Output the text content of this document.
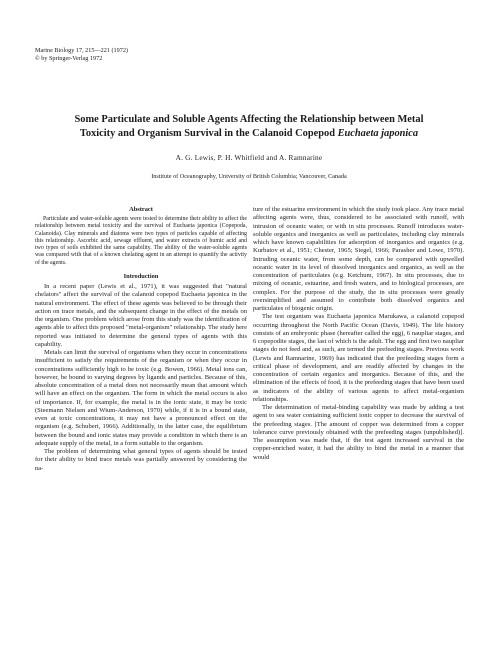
Marine Biology 17, 215—221 (1972)
© by Springer-Verlag 1972
Some Particulate and Soluble Agents Affecting the Relationship between Metal
Toxicity and Organism Survival in the Calanoid Copepod Euchaeta japonica
A. G. Lewis, P. H. Whitfield and A. Ramnarine
Institute of Oceanography, University of British Columbia; Vancouver, Canada
Abstract

Particulate and water-soluble agents were tested to determine their ability to affect the relationship between metal toxicity and the survival of Euchaeta japonica (Copepoda, Calanoida). Clay minerals and diatoms were two types of particles capable of affecting this relationship. Ascorbic acid, sewage effluent, and water extracts of humic acid and two types of soils exhibited the same capability. The ability of the water-soluble agents was compared with that of a known chelating agent in an attempt to quantify the activity of the agents.

Introduction

In a recent paper (Lewis et al., 1971), it was suggested that "natural chelators" affect the survival of the calanoid copepod Euchaeta japonica in the natural environment. The effect of these agents was believed to be through their action on trace metals, and the subsequent change in the effect of the metals on the organism. One problem which arose from this study was the identification of agents able to affect this proposed "metal-organism" relationship. The study here reported was initiated to determine the general types of agents with this capability.

Metals can limit the survival of organisms when they occur in concentrations insufficient to satisfy the requirements of the organism or when they occur in concentrations sufficiently high to be toxic (e.g. Bowen, 1966). Metal ions can, however, be bound to varying degrees by ligands and particles. Because of this, absolute concentration of a metal does not necessarily mean that amount which will have an effect on the organism. The form in which the metal occurs is also of importance. If, for example, the metal is in the ionic state, it may be toxic (Steemann Nielsen and Wium-Anderson, 1970) while, if it is in a bound state, even at toxic concentrations, it may not have a pronounced effect on the organism (e.g. Schubert, 1966). Additionally, in the latter case, the equilibrium between the bound and ionic states may provide a condition in which there is an adequate supply of the metal, in a form suitable to the organism.

The problem of determining what general types of agents should be tested for their ability to bind trace metals was partially answered by considering the na-

ture of the estuarine environment in which the study took place. Any trace metal affecting agents were, thus, considered to be associated with runoff, with intrusion of oceanic water, or with in situ processes. Runoff introduces water-soluble organics and inorganics as well as particulates, including clay minerals which have known capabilities for adsorption of inorganics and organics (e.g. Kurbatov et al., 1951; Chester, 1965; Siegel, 1966; Parasher and Lowe, 1970). Intruding oceanic water, from some depth, can be compared with upwelled oceanic water in its level of dissolved inorganics and organics, as well as the concentration of particulates (e.g. Ketchum, 1967). In situ processes, due to mixing of oceanic, estuarine, and fresh waters, and to biological processes, are complex. For the purpose of the study, the in situ processes were greatly oversimplified and assumed to contribute both dissolved organics and particulates of biogenic origin.

The test organism was Euchaeta japonica Marukawa, a calanoid copepod occurring throughout the North Pacific Ocean (Davis, 1949). The life history consists of an embryonic phase (hereafter called the egg), 6 naupliar stages, and 6 copepodite stages, the last of which is the adult. The egg and first two naupliar stages do not feed and, as such, are termed the prefeeding stages. Previous work (Lewis and Ramnarine, 1969) has indicated that the prefeeding stages form a critical phase of development, and are readily affected by changes in the concentration of certain organics and inorganics. Because of this, and the elimination of the effects of food, it is the prefeeding stages that have been used as indicators of the ability of various agents to affect metal-organism relationships.

The determination of metal-binding capability was made by adding a test agent to sea water containing sufficient ionic copper to decrease the survival of the prefeeding stages. [The amount of copper was determined from a copper tolerance curve previously obtained with the prefeeding stages (unpublished)]. The assumption was made that, if the test agent increased survival in the copper-enriched water, it had the ability to bind the metal in a manner that would
